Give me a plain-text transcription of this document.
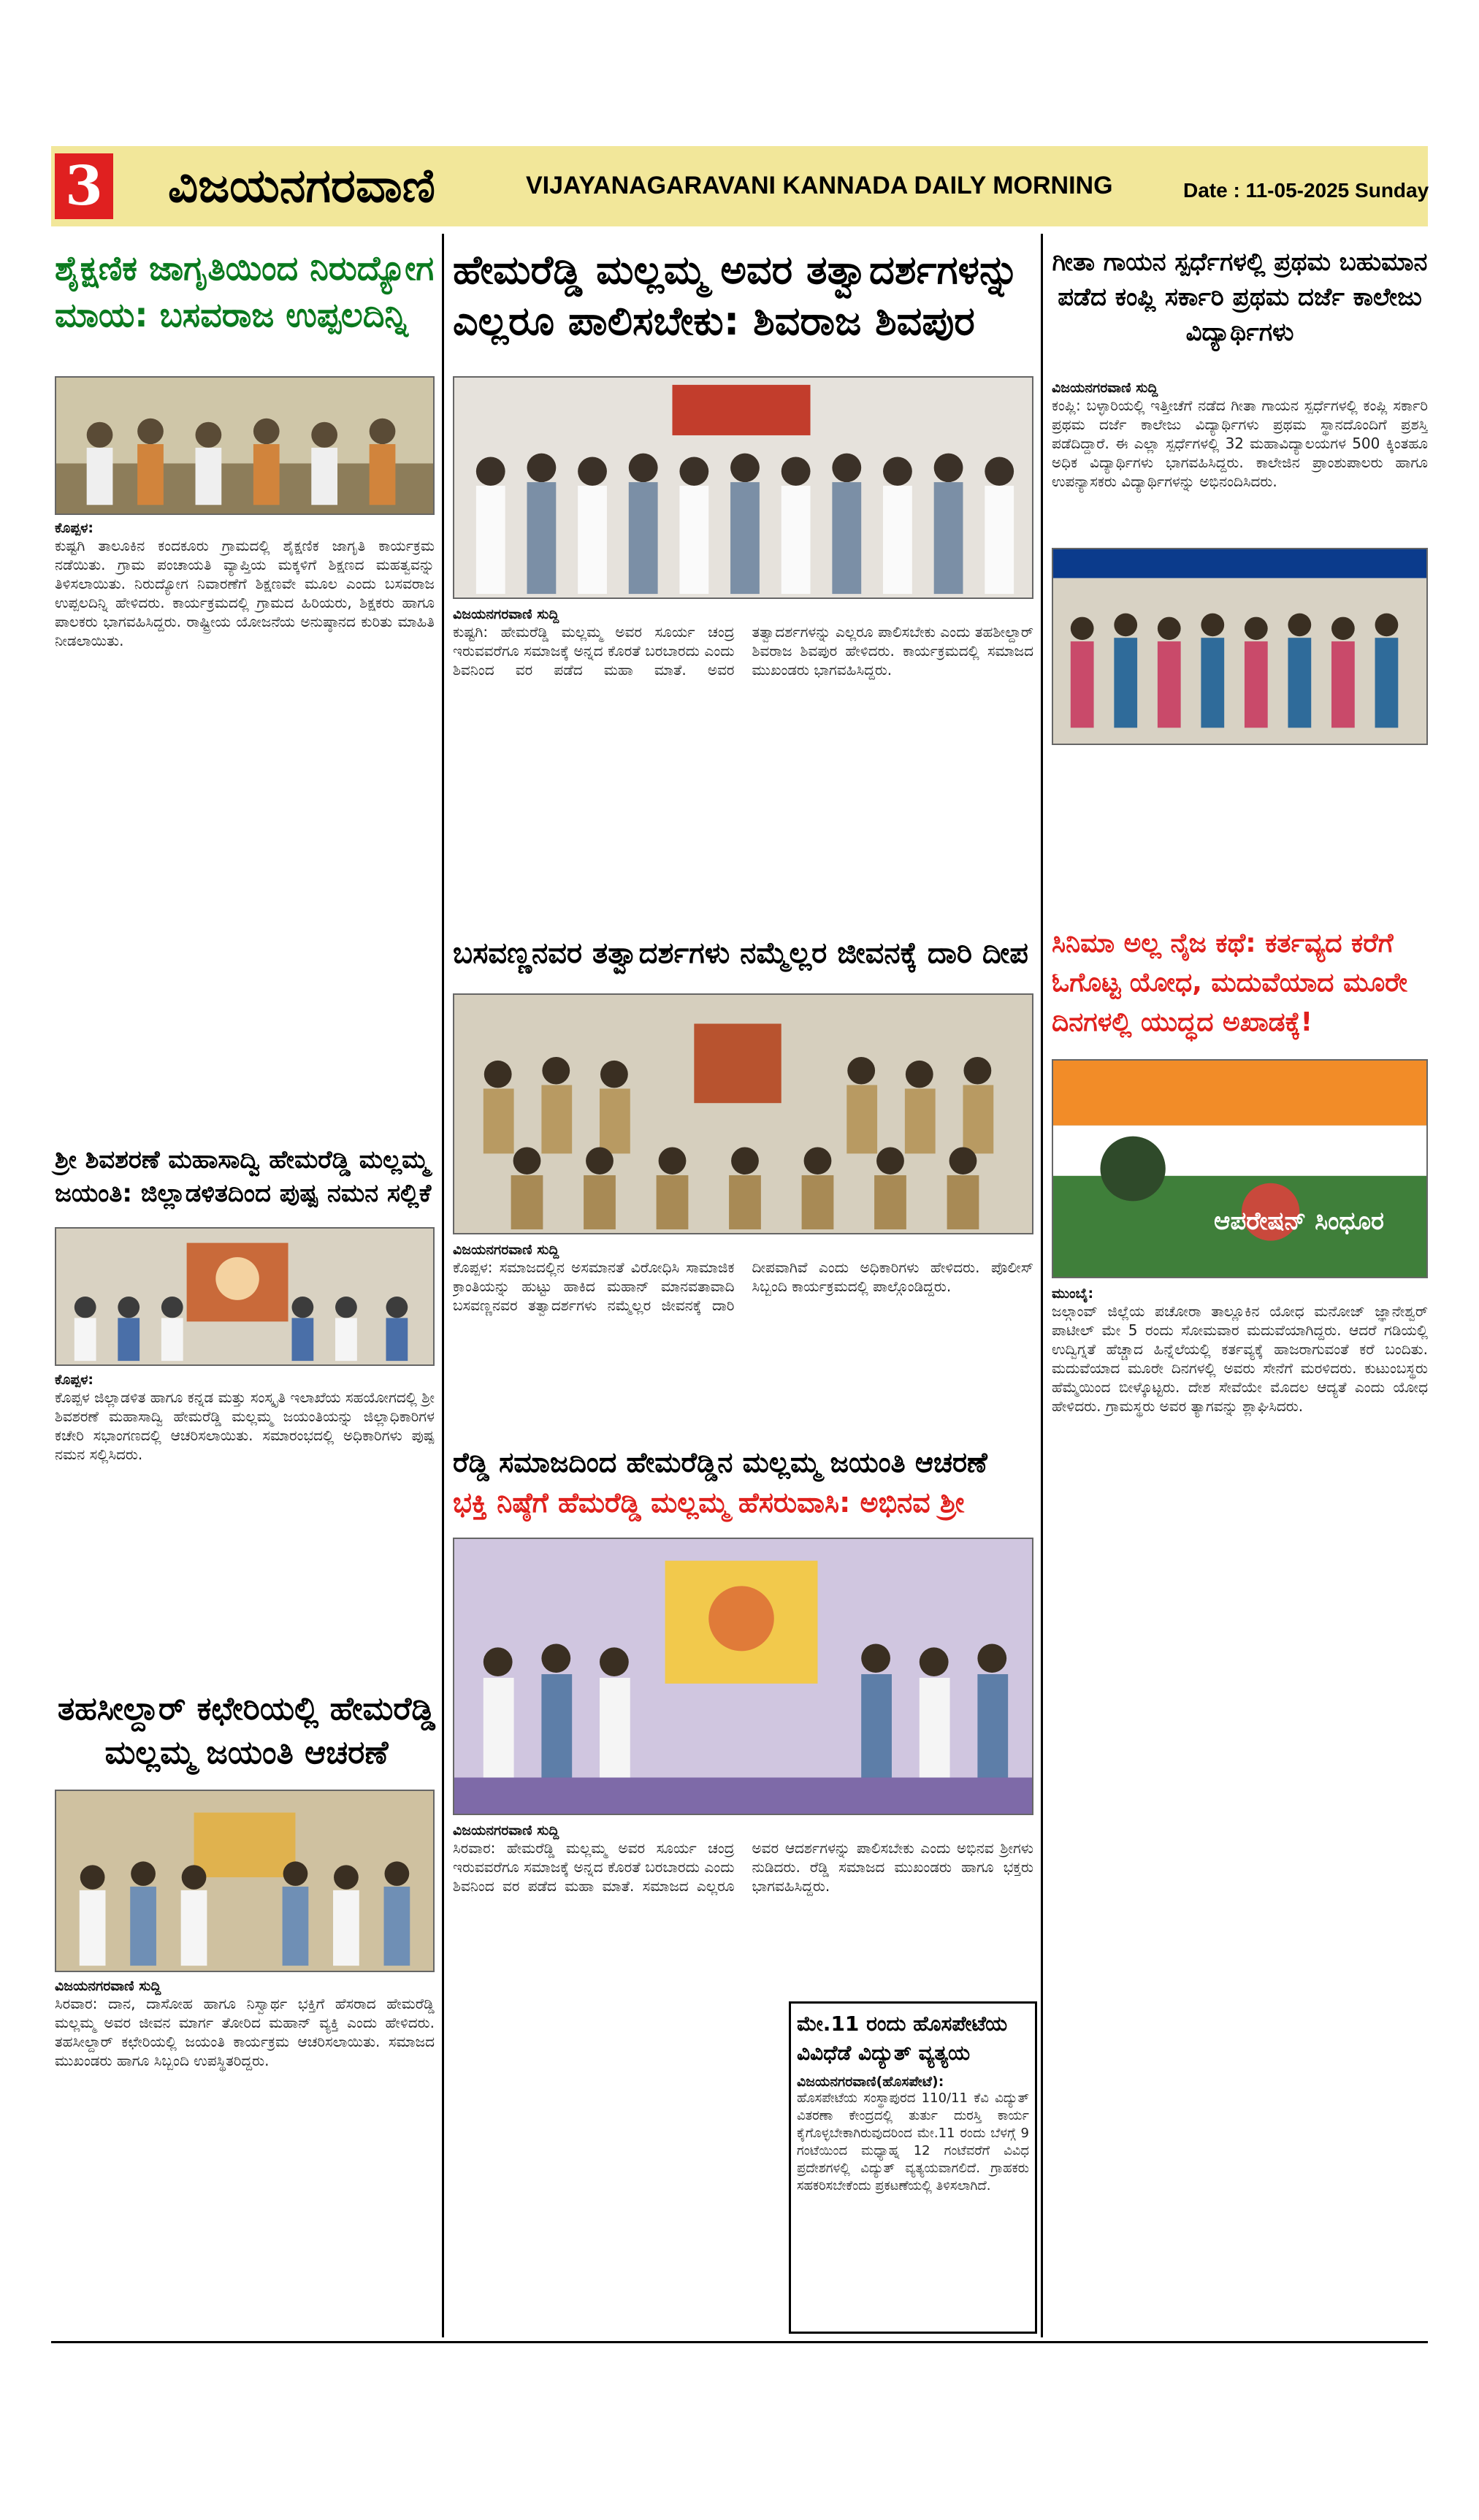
3 ವಿಜಯನಗರವಾಣಿ	VIJAYANAGARAVANI KANNADA DAILY MORNING	Date : 11-05-2025 Sunday
ಶೈಕ್ಷಣಿಕ ಜಾಗೃತಿಯಿಂದ ನಿರುದ್ಯೋಗ ಮಾಯ: ಬಸವರಾಜ ಉಪ್ಪಲದಿನ್ನಿ
ಕೊಪ್ಪಳ:
ಕುಷ್ಟಗಿ ತಾಲೂಕಿನ ಕಂದಕೂರು ಗ್ರಾಮದಲ್ಲಿ ಶೈಕ್ಷಣಿಕ ಜಾಗೃತಿ ಕಾರ್ಯಕ್ರಮ ನಡೆಯಿತು. ಗ್ರಾಮ ಪಂಚಾಯತಿ ವ್ಯಾಪ್ತಿಯ ಮಕ್ಕಳಿಗೆ ಶಿಕ್ಷಣದ ಮಹತ್ವವನ್ನು ತಿಳಿಸಲಾಯಿತು. ನಿರುದ್ಯೋಗ ನಿವಾರಣೆಗೆ ಶಿಕ್ಷಣವೇ ಮೂಲ ಎಂದು ಬಸವರಾಜ ಉಪ್ಪಲದಿನ್ನಿ ಹೇಳಿದರು. ಕಾರ್ಯಕ್ರಮದಲ್ಲಿ ಗ್ರಾಮದ ಹಿರಿಯರು, ಶಿಕ್ಷಕರು ಹಾಗೂ ಪಾಲಕರು ಭಾಗವಹಿಸಿದ್ದರು. ರಾಷ್ಟ್ರೀಯ ಯೋಜನೆಯ ಅನುಷ್ಠಾನದ ಕುರಿತು ಮಾಹಿತಿ ನೀಡಲಾಯಿತು.
ಶ್ರೀ ಶಿವಶರಣೆ ಮಹಾಸಾದ್ವಿ ಹೇಮರೆಡ್ಡಿ ಮಲ್ಲಮ್ಮ ಜಯಂತಿ: ಜಿಲ್ಲಾಡಳಿತದಿಂದ ಪುಷ್ಪ ನಮನ ಸಲ್ಲಿಕೆ
ಕೊಪ್ಪಳ:
ಕೊಪ್ಪಳ ಜಿಲ್ಲಾಡಳಿತ ಹಾಗೂ ಕನ್ನಡ ಮತ್ತು ಸಂಸ್ಕೃತಿ ಇಲಾಖೆಯ ಸಹಯೋಗದಲ್ಲಿ ಶ್ರೀ ಶಿವಶರಣೆ ಮಹಾಸಾದ್ವಿ ಹೇಮರೆಡ್ಡಿ ಮಲ್ಲಮ್ಮ ಜಯಂತಿಯನ್ನು ಜಿಲ್ಲಾಧಿಕಾರಿಗಳ ಕಚೇರಿ ಸಭಾಂಗಣದಲ್ಲಿ ಆಚರಿಸಲಾಯಿತು. ಸಮಾರಂಭದಲ್ಲಿ ಅಧಿಕಾರಿಗಳು ಪುಷ್ಪ ನಮನ ಸಲ್ಲಿಸಿದರು.
ತಹಸೀಲ್ದಾರ್ ಕಛೇರಿಯಲ್ಲಿ ಹೇಮರೆಡ್ಡಿ ಮಲ್ಲಮ್ಮ ಜಯಂತಿ ಆಚರಣೆ
ವಿಜಯನಗರವಾಣಿ ಸುದ್ದಿ
ಸಿರವಾರ: ದಾನ, ದಾಸೋಹ ಹಾಗೂ ನಿಸ್ವಾರ್ಥ ಭಕ್ತಿಗೆ ಹೆಸರಾದ ಹೇಮರೆಡ್ಡಿ ಮಲ್ಲಮ್ಮ ಅವರ ಜೀವನ ಮಾರ್ಗ ತೋರಿದ ಮಹಾನ್ ವ್ಯಕ್ತಿ ಎಂದು ಹೇಳಿದರು. ತಹಸೀಲ್ದಾರ್ ಕಛೇರಿಯಲ್ಲಿ ಜಯಂತಿ ಕಾರ್ಯಕ್ರಮ ಆಚರಿಸಲಾಯಿತು. ಸಮಾಜದ ಮುಖಂಡರು ಹಾಗೂ ಸಿಬ್ಬಂದಿ ಉಪಸ್ಥಿತರಿದ್ದರು.
ಹೇಮರೆಡ್ಡಿ ಮಲ್ಲಮ್ಮ ಅವರ ತತ್ವಾದರ್ಶಗಳನ್ನು ಎಲ್ಲರೂ ಪಾಲಿಸಬೇಕು: ಶಿವರಾಜ ಶಿವಪುರ
ವಿಜಯನಗರವಾಣಿ ಸುದ್ದಿ
ಕುಷ್ಟಗಿ: ಹೇಮರೆಡ್ಡಿ ಮಲ್ಲಮ್ಮ ಅವರ ಸೂರ್ಯ ಚಂದ್ರ ಇರುವವರೆಗೂ ಸಮಾಜಕ್ಕೆ ಅನ್ನದ ಕೊರತೆ ಬರಬಾರದು ಎಂದು ಶಿವನಿಂದ ವರ ಪಡೆದ ಮಹಾ ಮಾತೆ. ಅವರ ತತ್ವಾದರ್ಶಗಳನ್ನು ಎಲ್ಲರೂ ಪಾಲಿಸಬೇಕು ಎಂದು ತಹಶೀಲ್ದಾರ್ ಶಿವರಾಜ ಶಿವಪುರ ಹೇಳಿದರು. ಕಾರ್ಯಕ್ರಮದಲ್ಲಿ ಸಮಾಜದ ಮುಖಂಡರು ಭಾಗವಹಿಸಿದ್ದರು.
ಬಸವಣ್ಣನವರ ತತ್ವಾದರ್ಶಗಳು ನಮ್ಮೆಲ್ಲರ ಜೀವನಕ್ಕೆ ದಾರಿ ದೀಪ
ವಿಜಯನಗರವಾಣಿ ಸುದ್ದಿ
ಕೊಪ್ಪಳ: ಸಮಾಜದಲ್ಲಿನ ಅಸಮಾನತೆ ವಿರೋಧಿಸಿ ಸಾಮಾಜಿಕ ಕ್ರಾಂತಿಯನ್ನು ಹುಟ್ಟು ಹಾಕಿದ ಮಹಾನ್ ಮಾನವತಾವಾದಿ ಬಸವಣ್ಣನವರ ತತ್ವಾದರ್ಶಗಳು ನಮ್ಮೆಲ್ಲರ ಜೀವನಕ್ಕೆ ದಾರಿ ದೀಪವಾಗಿವೆ ಎಂದು ಅಧಿಕಾರಿಗಳು ಹೇಳಿದರು. ಪೊಲೀಸ್ ಸಿಬ್ಬಂದಿ ಕಾರ್ಯಕ್ರಮದಲ್ಲಿ ಪಾಲ್ಗೊಂಡಿದ್ದರು.
ರೆಡ್ಡಿ ಸಮಾಜದಿಂದ ಹೇಮರೆಡ್ಡಿನ ಮಲ್ಲಮ್ಮ ಜಯಂತಿ ಆಚರಣೆ
ಭಕ್ತಿ ನಿಷ್ಠೆಗೆ ಹೆಮರೆಡ್ಡಿ ಮಲ್ಲಮ್ಮ ಹೆಸರುವಾಸಿ: ಅಭಿನವ ಶ್ರೀ
ವಿಜಯನಗರವಾಣಿ ಸುದ್ದಿ
ಸಿರವಾರ: ಹೇಮರೆಡ್ಡಿ ಮಲ್ಲಮ್ಮ ಅವರ ಸೂರ್ಯ ಚಂದ್ರ ಇರುವವರೆಗೂ ಸಮಾಜಕ್ಕೆ ಅನ್ನದ ಕೊರತೆ ಬರಬಾರದು ಎಂದು ಶಿವನಿಂದ ವರ ಪಡೆದ ಮಹಾ ಮಾತೆ. ಸಮಾಜದ ಎಲ್ಲರೂ ಅವರ ಆದರ್ಶಗಳನ್ನು ಪಾಲಿಸಬೇಕು ಎಂದು ಅಭಿನವ ಶ್ರೀಗಳು ನುಡಿದರು. ರೆಡ್ಡಿ ಸಮಾಜದ ಮುಖಂಡರು ಹಾಗೂ ಭಕ್ತರು ಭಾಗವಹಿಸಿದ್ದರು.
ಮೇ.11 ರಂದು ಹೊಸಪೇಟೆಯ ವಿವಿಧೆಡೆ ವಿದ್ಯುತ್ ವ್ಯತ್ಯಯ
ವಿಜಯನಗರವಾಣಿ(ಹೊಸಪೇಟೆ):
ಹೊಸಪೇಟೆಯ ಸಂಸ್ಥಾಪುರದ 110/11 ಕೆವಿ ವಿದ್ಯುತ್ ವಿತರಣಾ ಕೇಂದ್ರದಲ್ಲಿ ತುರ್ತು ದುರಸ್ತಿ ಕಾರ್ಯ ಕೈಗೊಳ್ಳಬೇಕಾಗಿರುವುದರಿಂದ ಮೇ.11 ರಂದು ಬೆಳಗ್ಗೆ 9 ಗಂಟೆಯಿಂದ ಮಧ್ಯಾಹ್ನ 12 ಗಂಟೆವರೆಗೆ ವಿವಿಧ ಪ್ರದೇಶಗಳಲ್ಲಿ ವಿದ್ಯುತ್ ವ್ಯತ್ಯಯವಾಗಲಿದೆ. ಗ್ರಾಹಕರು ಸಹಕರಿಸಬೇಕೆಂದು ಪ್ರಕಟಣೆಯಲ್ಲಿ ತಿಳಿಸಲಾಗಿದೆ.
ಗೀತಾ ಗಾಯನ ಸ್ಪರ್ಧೆಗಳಲ್ಲಿ ಪ್ರಥಮ ಬಹುಮಾನ ಪಡೆದ ಕಂಪ್ಲಿ ಸರ್ಕಾರಿ ಪ್ರಥಮ ದರ್ಜೆ ಕಾಲೇಜು ವಿದ್ಯಾರ್ಥಿಗಳು
ವಿಜಯನಗರವಾಣಿ ಸುದ್ದಿ
ಕಂಪ್ಲಿ: ಬಳ್ಳಾರಿಯಲ್ಲಿ ಇತ್ತೀಚೆಗೆ ನಡೆದ ಗೀತಾ ಗಾಯನ ಸ್ಪರ್ಧೆಗಳಲ್ಲಿ ಕಂಪ್ಲಿ ಸರ್ಕಾರಿ ಪ್ರಥಮ ದರ್ಜೆ ಕಾಲೇಜು ವಿದ್ಯಾರ್ಥಿಗಳು ಪ್ರಥಮ ಸ್ಥಾನದೊಂದಿಗೆ ಪ್ರಶಸ್ತಿ ಪಡೆದಿದ್ದಾರೆ. ಈ ಎಲ್ಲಾ ಸ್ಪರ್ಧೆಗಳಲ್ಲಿ 32 ಮಹಾವಿದ್ಯಾಲಯಗಳ 500 ಕ್ಕಿಂತಹೂ ಅಧಿಕ ವಿದ್ಯಾರ್ಥಿಗಳು ಭಾಗವಹಿಸಿದ್ದರು. ಕಾಲೇಜಿನ ಪ್ರಾಂಶುಪಾಲರು ಹಾಗೂ ಉಪನ್ಯಾಸಕರು ವಿದ್ಯಾರ್ಥಿಗಳನ್ನು ಅಭಿನಂದಿಸಿದರು.
ಸಿನಿಮಾ ಅಲ್ಲ ನೈಜ ಕಥೆ: ಕರ್ತವ್ಯದ ಕರೆಗೆ ಓಗೊಟ್ಟ ಯೋಧ, ಮದುವೆಯಾದ ಮೂರೇ ದಿನಗಳಲ್ಲಿ ಯುದ್ಧದ ಅಖಾಡಕ್ಕೆ!
ಆಪರೇಷನ್ ಸಿಂಧೂರ
ಮುಂಬೈ:
ಜಲ್ಗಾಂವ್ ಜಿಲ್ಲೆಯ ಪಚೋರಾ ತಾಲ್ಲೂಕಿನ ಯೋಧ ಮನೋಜ್ ಜ್ಞಾನೇಶ್ವರ್ ಪಾಟೀಲ್ ಮೇ 5 ರಂದು ಸೋಮವಾರ ಮದುವೆಯಾಗಿದ್ದರು. ಆದರೆ ಗಡಿಯಲ್ಲಿ ಉದ್ವಿಗ್ನತೆ ಹೆಚ್ಚಾದ ಹಿನ್ನೆಲೆಯಲ್ಲಿ ಕರ್ತವ್ಯಕ್ಕೆ ಹಾಜರಾಗುವಂತೆ ಕರೆ ಬಂದಿತು. ಮದುವೆಯಾದ ಮೂರೇ ದಿನಗಳಲ್ಲಿ ಅವರು ಸೇನೆಗೆ ಮರಳಿದರು. ಕುಟುಂಬಸ್ಥರು ಹೆಮ್ಮೆಯಿಂದ ಬೀಳ್ಕೊಟ್ಟರು. ದೇಶ ಸೇವೆಯೇ ಮೊದಲ ಆದ್ಯತೆ ಎಂದು ಯೋಧ ಹೇಳಿದರು. ಗ್ರಾಮಸ್ಥರು ಅವರ ತ್ಯಾಗವನ್ನು ಶ್ಲಾಘಿಸಿದರು.
